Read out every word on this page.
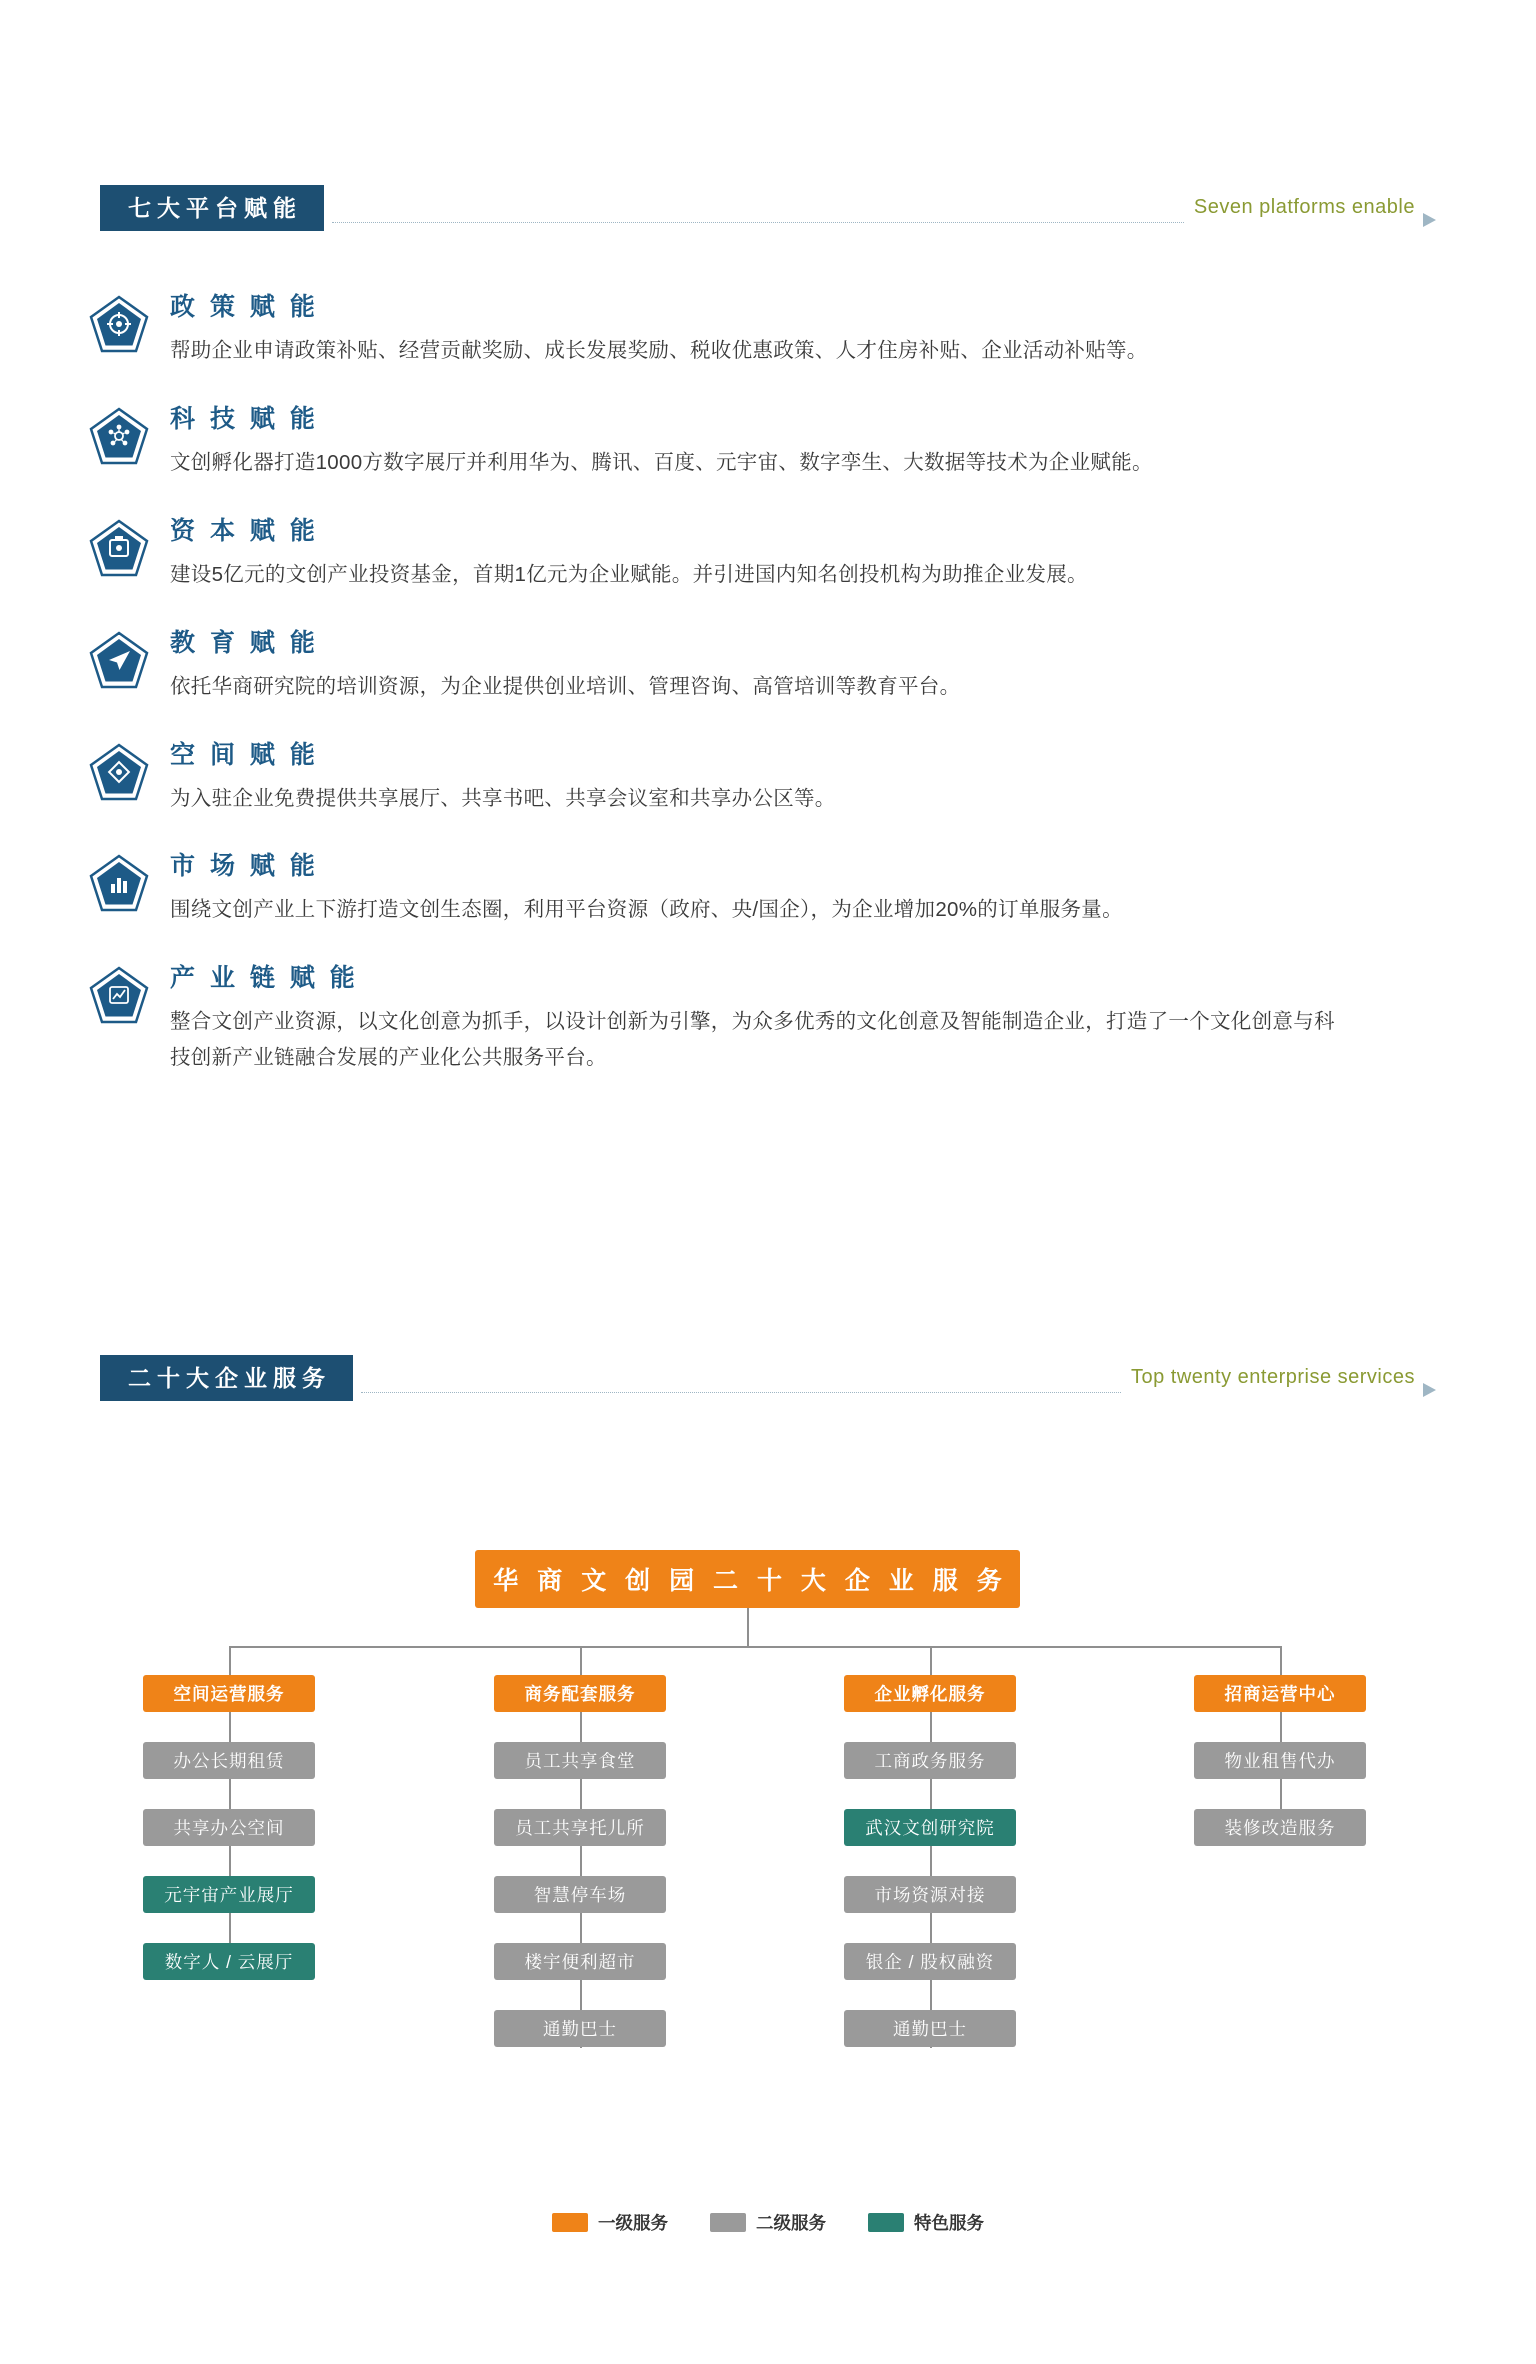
七大平台赋能	Seven platforms enable
政 策 赋 能
帮助企业申请政策补贴、经营贡献奖励、成长发展奖励、税收优惠政策、人才住房补贴、企业活动补贴等。
科 技 赋 能
文创孵化器打造1000方数字展厅并利用华为、腾讯、百度、元宇宙、数字孪生、大数据等技术为企业赋能。
资 本 赋 能
建设5亿元的文创产业投资基金，首期1亿元为企业赋能。并引进国内知名创投机构为助推企业发展。
教 育 赋 能
依托华商研究院的培训资源，为企业提供创业培训、管理咨询、高管培训等教育平台。
空 间 赋 能
为入驻企业免费提供共享展厅、共享书吧、共享会议室和共享办公区等。
市 场 赋 能
围绕文创产业上下游打造文创生态圈，利用平台资源（政府、央/国企），为企业增加20%的订单服务量。
产 业 链 赋 能
整合文创产业资源，以文化创意为抓手，以设计创新为引擎，为众多优秀的文化创意及智能制造企业，打造了一个文化创意与科技创新产业链融合发展的产业化公共服务平台。
二十大企业服务	Top twenty enterprise services
华 商 文 创 园 二 十 大 企 业 服 务
空间运营服务
办公长期租赁
共享办公空间
元宇宙产业展厅
数字人 / 云展厅
商务配套服务
员工共享食堂
员工共享托儿所
智慧停车场
楼宇便利超市
通勤巴士
企业孵化服务
工商政务服务
武汉文创研究院
市场资源对接
银企 / 股权融资
通勤巴士
招商运营中心
物业租售代办
装修改造服务
一级服务	二级服务	特色服务
